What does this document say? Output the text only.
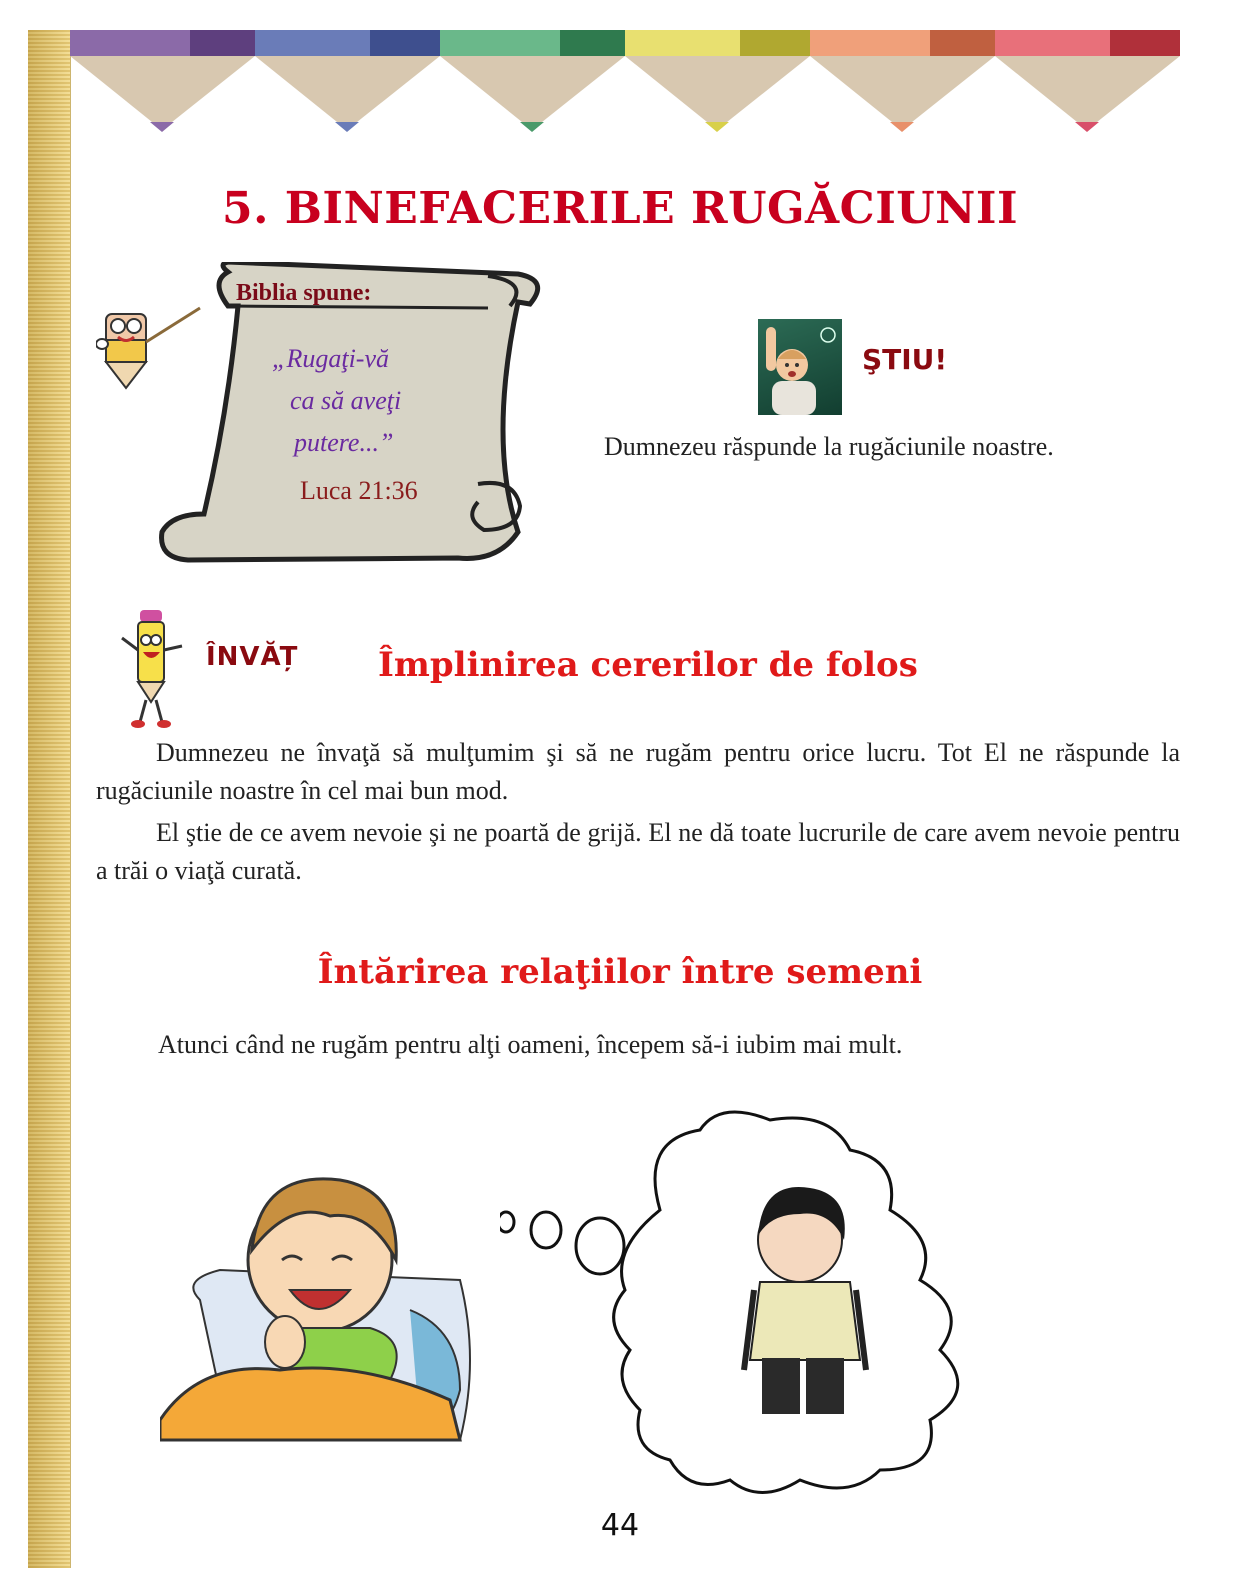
5. BINEFACERILE RUGĂCIUNII
Biblia spune:
„Rugaţi-vă
ca să aveţi
putere...”
Luca 21:36
ŞTIU!
Dumnezeu răspunde la rugăciunile noastre.
ÎNVĂȚ Împlinirea cererilor de folos
Dumnezeu ne învaţă să mulţumim şi să ne rugăm pentru orice lucru. Tot El ne răspunde la rugăciunile noastre în cel mai bun mod.
El ştie de ce avem nevoie şi ne poartă de grijă. El ne dă toate lucrurile de care avem nevoie pentru a trăi o viaţă curată.
Întărirea relaţiilor între semeni
Atunci când ne rugăm pentru alţi oameni, începem să-i iubim mai mult.
44
